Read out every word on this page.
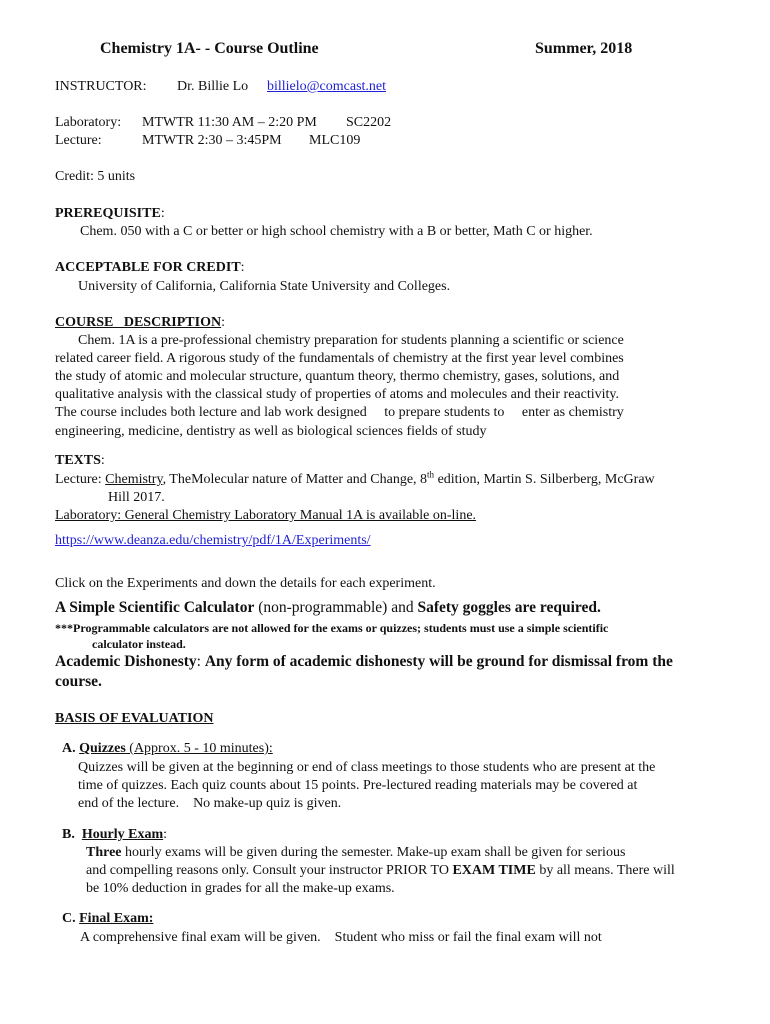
Chemistry 1A- - Course Outline	Summer, 2018
INSTRUCTOR: Dr. Billie Lo billielo@comcast.net
Laboratory: MTWTR 11:30 AM – 2:20 PM SC2202
Lecture:	MTWTR 2:30 – 3:45PM MLC109
Credit: 5 units
PREREQUISITE:
Chem. 050 with a C or better or high school chemistry with a B or better, Math C or higher.
ACCEPTABLE FOR CREDIT:
University of California, California State University and Colleges.
COURSE   DESCRIPTION:
Chem. 1A is a pre-professional chemistry preparation for students planning a scientific or science
related career field. A rigorous study of the fundamentals of chemistry at the first year level combines
the study of atomic and molecular structure, quantum theory, thermo chemistry, gases, solutions, and
qualitative analysis with the classical study of properties of atoms and molecules and their reactivity.
The course includes both lecture and lab work designed     to prepare students to     enter as chemistry
engineering, medicine, dentistry as well as biological sciences fields of study
TEXTS:
Lecture: Chemistry, TheMolecular nature of Matter and Change, 8th edition, Martin S. Silberberg, McGraw
Hill 2017.
Laboratory: General Chemistry Laboratory Manual 1A is available on-line.
https://www.deanza.edu/chemistry/pdf/1A/Experiments/
Click on the Experiments and down the details for each experiment.
A Simple Scientific Calculator (non-programmable) and Safety goggles are required.
***Programmable calculators are not allowed for the exams or quizzes; students must use a simple scientific
calculator instead.
Academic Dishonesty: Any form of academic dishonesty will be ground for dismissal from the
course.
BASIS OF EVALUATION
A. Quizzes (Approx. 5 - 10 minutes):
Quizzes will be given at the beginning or end of class meetings to those students who are present at the
time of quizzes. Each quiz counts about 15 points. Pre-lectured reading materials may be covered at
end of the lecture.    No make-up quiz is given.
B. Hourly Exam:
Three hourly exams will be given during the semester. Make-up exam shall be given for serious
and compelling reasons only. Consult your instructor PRIOR TO EXAM TIME by all means. There will
be 10% deduction in grades for all the make-up exams.
C. Final Exam:
A comprehensive final exam will be given.    Student who miss or fail the final exam will not
